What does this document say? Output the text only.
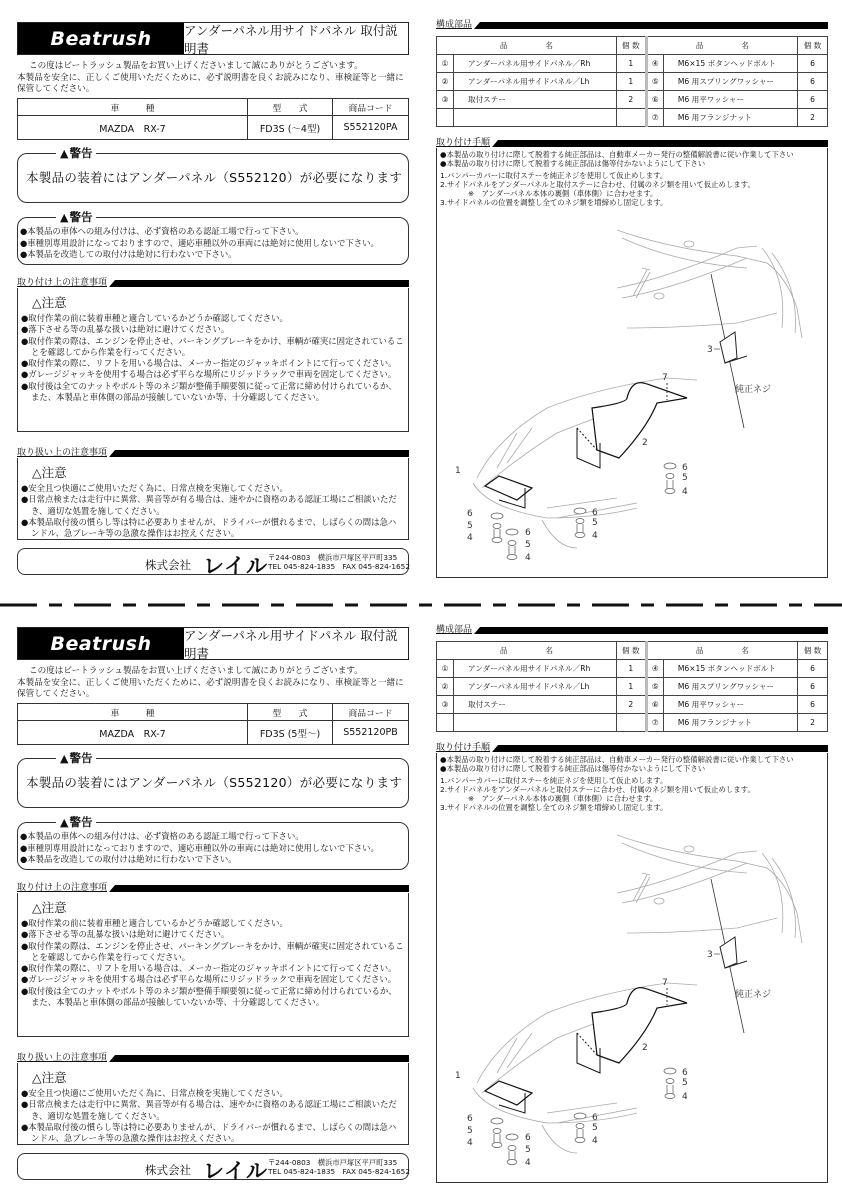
Beatrush	アンダーパネル用サイドパネル 取付説明書
この度はビートラッシュ製品をお買い上げくださいまして誠にありがとうございます。
本製品を安全に、正しくご使用いただくために、必ず説明書を良くお読みになり、車検証等と一緒に保管してください。
車　　　種	型　　式	商品コード
MAZDA　RX-7	FD3S (～4型)	S552120PA
▲ 警告
本製品の装着にはアンダーパネル（S552120）が必要になります
▲ 警告
●本製品の車体への組み付けは、必ず資格のある認証工場で行って下さい。
●車種別専用設計になっておりますので、適応車種以外の車両には絶対に使用しないで下さい。
●本製品を改造しての取付けは絶対に行わないで下さい。
取り付け上の注意事項
△注意
●取付作業の前に装着車種と適合しているかどうか確認してください。
●落下させる等の乱暴な扱いは絶対に避けてください。
●取付作業の際は、エンジンを停止させ、パーキングブレーキをかけ、車輌が確実に固定されていることを確認してから作業を行ってください。
●取付作業の際に、リフトを用いる場合は、メーカー指定のジャッキポイントにて行ってください。
●ガレージジャッキを使用する場合は必ず平らな場所にリジッドラックで車両を固定してください。
●取付後は全てのナットやボルト等のネジ類が整備手順要領に従って正常に締め付けられているか、また、本製品と車体側の部品が接触していないか等、十分確認してください。
取り扱い上の注意事項
△注意
●安全且つ快適にご使用いただく為に、日常点検を実施してください。
●日常点検または走行中に異常、異音等が有る場合は、速やかに資格のある認証工場にご相談いただき、適切な処置を施してください。
●本製品取付後の慣らし等は特に必要ありませんが、ドライバーが慣れるまで、しばらくの間は急ハンドル、急ブレーキ等の急激な操作はお控えください。
株式会社 レイル 〒244-0803　横浜市戸塚区平戸町335
TEL 045-824-1835　FAX 045-824-1652
構成部品
品　　　　　名		個 数	品　　　　　名		個 数
①	アンダーパネル用サイドパネル／Rh	1	④	M6×15 ボタンヘッドボルト	6
②	アンダーパネル用サイドパネル／Lh	1	⑤	M6 用スプリングワッシャー	6
③	取付ステー	2	⑥	M6 用平ワッシャー	6
			⑦	M6 用フランジナット	2
取り付け手順
●本製品の取り付けに際して脱着する純正部品は、自動車メーカー発行の整備解説書に従い作業して下さい
●本製品の取り付けに際して脱着する純正部品は傷等付かないようにして下さい
1.バンパーカバーに取付ステーを純正ネジを使用して仮止めします。
2.サイドパネルをアンダーパネルと取付ステーに合わせ、付属のネジ類を用いて仮止めします。
※　アンダーパネル本体の裏側（車体側）に合わせます。
3.サイドパネルの位置を調整し全てのネジ類を増締めし固定します。
3
純正ネジ
2
7
1	6
5
4
6
5
4
6
5
4	6
5
4
Beatrush	アンダーパネル用サイドパネル 取付説明書
この度はビートラッシュ製品をお買い上げくださいまして誠にありがとうございます。
本製品を安全に、正しくご使用いただくために、必ず説明書を良くお読みになり、車検証等と一緒に保管してください。
車　　　種	型　　式	商品コード
MAZDA　RX-7	FD3S (5型～)	S552120PB
▲ 警告
本製品の装着にはアンダーパネル（S552120）が必要になります
▲ 警告
●本製品の車体への組み付けは、必ず資格のある認証工場で行って下さい。
●車種別専用設計になっておりますので、適応車種以外の車両には絶対に使用しないで下さい。
●本製品を改造しての取付けは絶対に行わないで下さい。
取り付け上の注意事項
△注意
●取付作業の前に装着車種と適合しているかどうか確認してください。
●落下させる等の乱暴な扱いは絶対に避けてください。
●取付作業の際は、エンジンを停止させ、パーキングブレーキをかけ、車輌が確実に固定されていることを確認してから作業を行ってください。
●取付作業の際に、リフトを用いる場合は、メーカー指定のジャッキポイントにて行ってください。
●ガレージジャッキを使用する場合は必ず平らな場所にリジッドラックで車両を固定してください。
●取付後は全てのナットやボルト等のネジ類が整備手順要領に従って正常に締め付けられているか、また、本製品と車体側の部品が接触していないか等、十分確認してください。
取り扱い上の注意事項
△注意
●安全且つ快適にご使用いただく為に、日常点検を実施してください。
●日常点検または走行中に異常、異音等が有る場合は、速やかに資格のある認証工場にご相談いただき、適切な処置を施してください。
●本製品取付後の慣らし等は特に必要ありませんが、ドライバーが慣れるまで、しばらくの間は急ハンドル、急ブレーキ等の急激な操作はお控えください。
株式会社 レイル 〒244-0803　横浜市戸塚区平戸町335
TEL 045-824-1835　FAX 045-824-1652
構成部品
品　　　　　名		個 数	品　　　　　名		個 数
①	アンダーパネル用サイドパネル／Rh	1	④	M6×15 ボタンヘッドボルト	6
②	アンダーパネル用サイドパネル／Lh	1	⑤	M6 用スプリングワッシャー	6
③	取付ステー	2	⑥	M6 用平ワッシャー	6
			⑦	M6 用フランジナット	2
取り付け手順
●本製品の取り付けに際して脱着する純正部品は、自動車メーカー発行の整備解説書に従い作業して下さい
●本製品の取り付けに際して脱着する純正部品は傷等付かないようにして下さい
1.バンパーカバーに取付ステーを純正ネジを使用して仮止めします。
2.サイドパネルをアンダーパネルと取付ステーに合わせ、付属のネジ類を用いて仮止めします。
※　アンダーパネル本体の裏側（車体側）に合わせます。
3.サイドパネルの位置を調整し全てのネジ類を増締めし固定します。
3
純正ネジ
2
7
1	6
5
4
6
5
4
6
5
4	6
5
4
